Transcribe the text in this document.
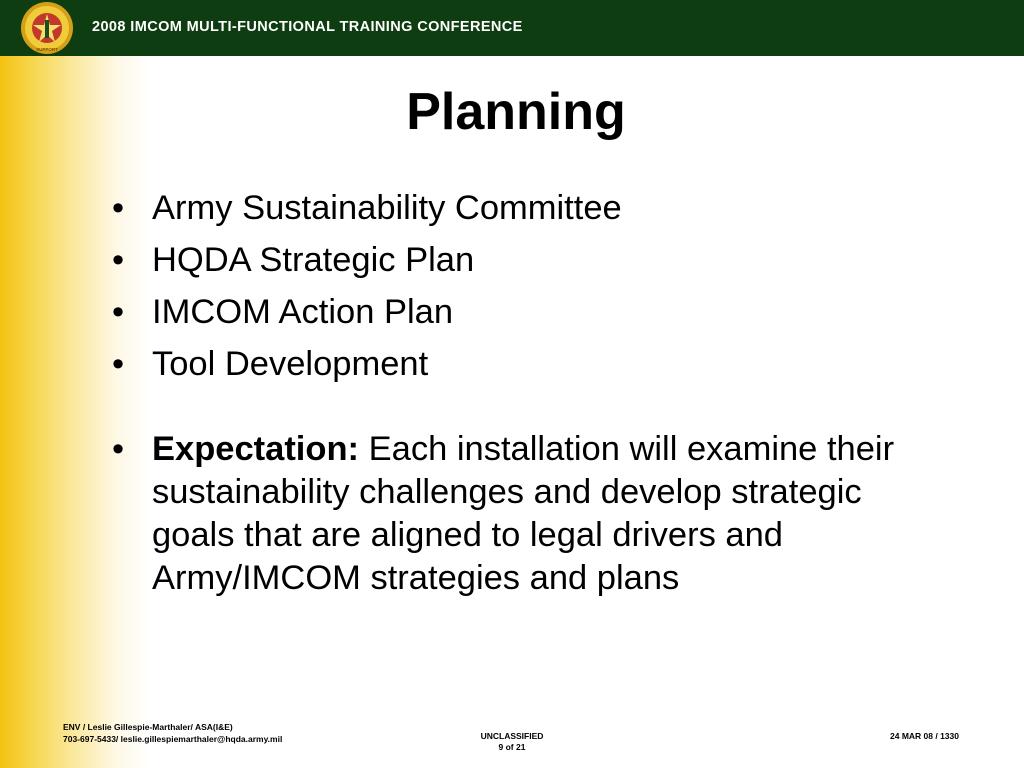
SUPPORT
2008 IMCOM MULTI-FUNCTIONAL TRAINING CONFERENCE
Planning
• Army Sustainability Committee
• HQDA Strategic Plan
• IMCOM Action Plan
• Tool Development
• Expectation: Each installation will examine their sustainability challenges and develop strategic goals that are aligned to legal drivers and Army/IMCOM strategies and plans
ENV / Leslie Gillespie-Marthaler/ ASA(I&E)
703-697-5433/ leslie.gillespiemarthaler@hqda.army.mil	UNCLASSIFIED
9 of 21
24 MAR 08 / 1330
